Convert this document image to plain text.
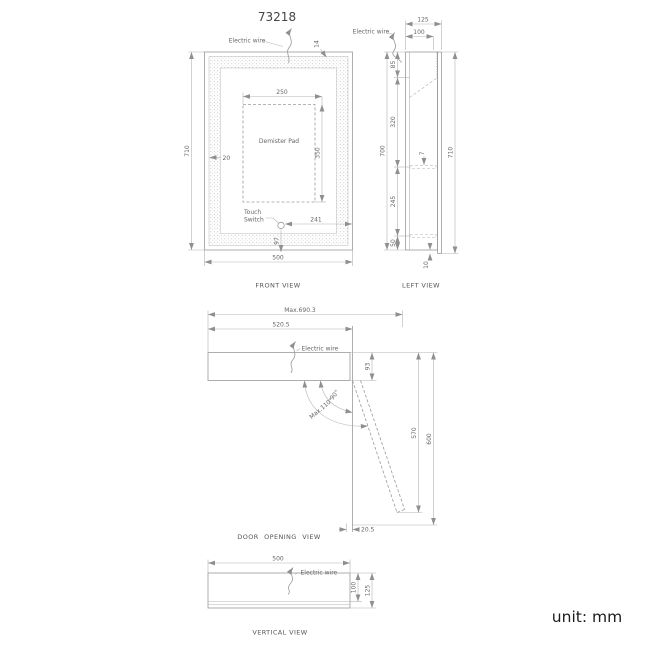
73218
Demister Pad
Electric wire	14
20
250
350
710
500
Touch
Switch	241
97
FRONT VIEW
Electric wire
125
100
85
320
245
50
7
700	710
10
LEFT VIEW
Electric wire
Max.690.3
520.5
93
90°
Max.110°
570
600
20.5
DOOR OPENING VIEW
Electric wire
500
100 125
VERTICAL VIEW
unit: mm
